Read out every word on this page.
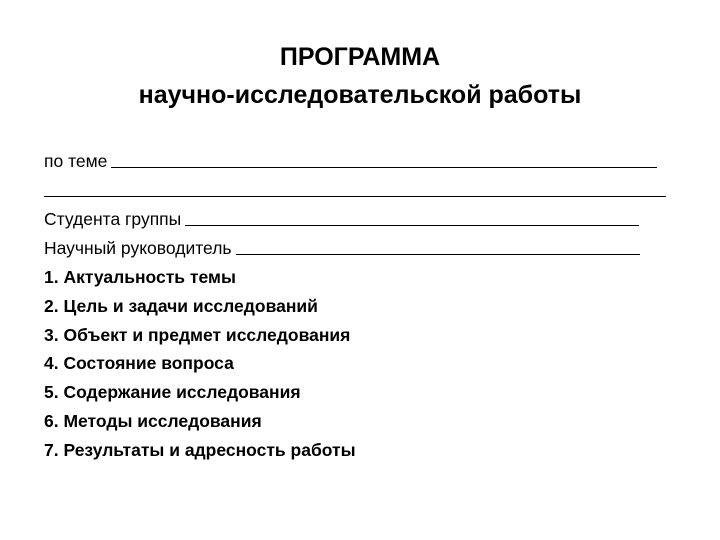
ПРОГРАММА
научно-исследовательской работы
по теме
Студента группы
Научный руководитель
1. Актуальность темы
2. Цель и задачи исследований
3. Объект и предмет исследования
4. Состояние вопроса
5. Содержание исследования
6. Методы исследования
7. Результаты и адресность работы
